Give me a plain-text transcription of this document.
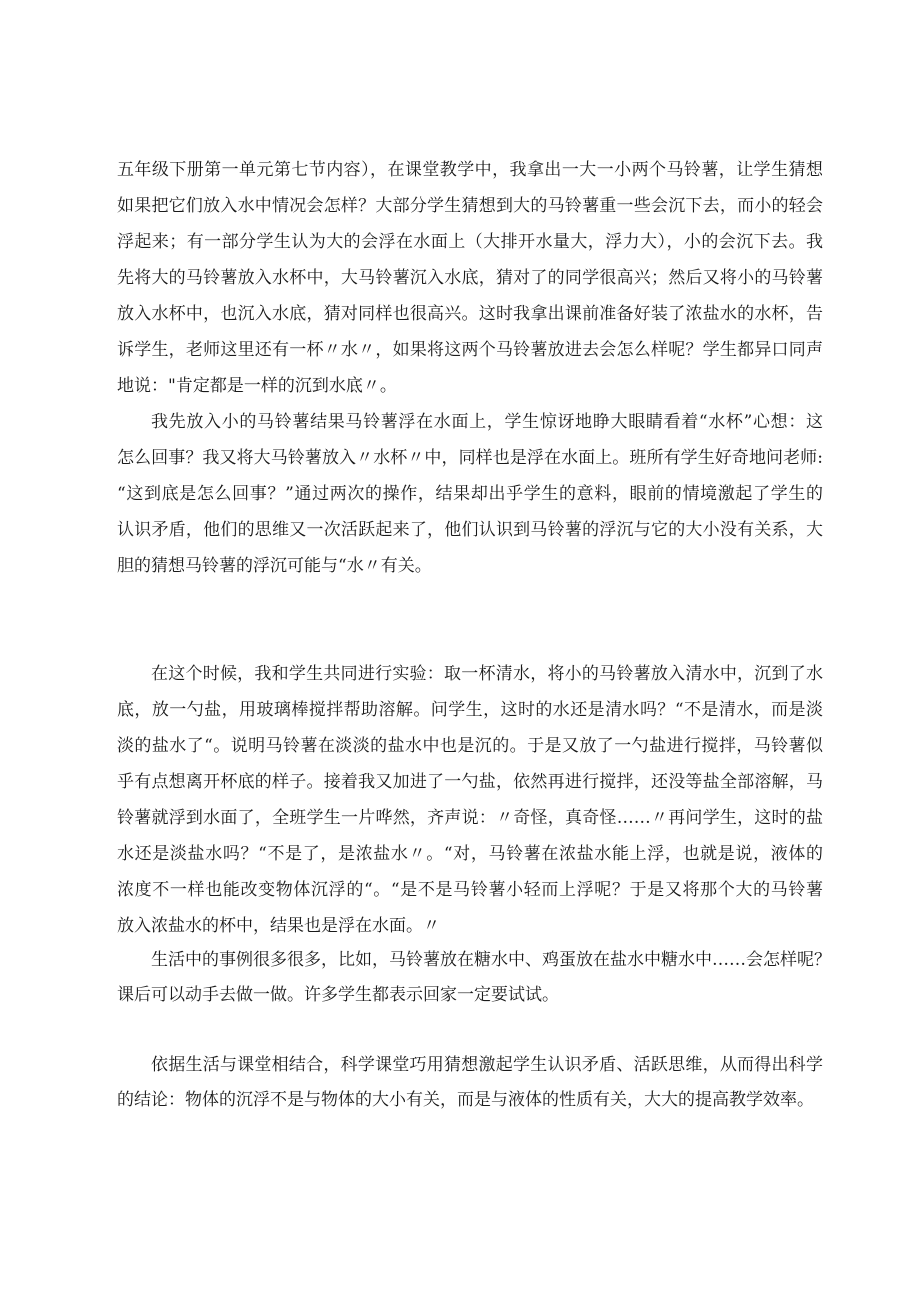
五年级下册第一单元第七节内容），在课堂教学中，我拿出一大一小两个马铃薯，让学生猜想
如果把它们放入水中情况会怎样？大部分学生猜想到大的马铃薯重一些会沉下去，而小的轻会
浮起来；有一部分学生认为大的会浮在水面上（大排开水量大，浮力大），小的会沉下去。我
先将大的马铃薯放入水杯中，大马铃薯沉入水底，猜对了的同学很高兴；然后又将小的马铃薯
放入水杯中，也沉入水底，猜对同样也很高兴。这时我拿出课前准备好装了浓盐水的水杯，告
诉学生，老师这里还有一杯〃水〃，如果将这两个马铃薯放进去会怎么样呢？学生都异口同声
地说："肯定都是一样的沉到水底〃。
我先放入小的马铃薯结果马铃薯浮在水面上，学生惊讶地睁大眼睛看着“水杯”心想：这
怎么回事？我又将大马铃薯放入〃水杯〃中，同样也是浮在水面上。班所有学生好奇地问老师:
“这到底是怎么回事？”通过两次的操作，结果却出乎学生的意料，眼前的情境激起了学生的
认识矛盾，他们的思维又一次活跃起来了，他们认识到马铃薯的浮沉与它的大小没有关系，大
胆的猜想马铃薯的浮沉可能与“水〃有关。
在这个时候，我和学生共同进行实验：取一杯清水，将小的马铃薯放入清水中，沉到了水
底，放一勺盐，用玻璃棒搅拌帮助溶解。问学生，这时的水还是清水吗？“不是清水，而是淡
淡的盐水了“。说明马铃薯在淡淡的盐水中也是沉的。于是又放了一勺盐进行搅拌，马铃薯似
乎有点想离开杯底的样子。接着我又加进了一勺盐，依然再进行搅拌，还没等盐全部溶解，马
铃薯就浮到水面了，全班学生一片哗然，齐声说：〃奇怪，真奇怪……〃再问学生，这时的盐
水还是淡盐水吗？“不是了，是浓盐水〃。“对，马铃薯在浓盐水能上浮，也就是说，液体的
浓度不一样也能改变物体沉浮的“。“是不是马铃薯小轻而上浮呢？于是又将那个大的马铃薯
放入浓盐水的杯中，结果也是浮在水面。〃
生活中的事例很多很多，比如，马铃薯放在糖水中、鸡蛋放在盐水中糖水中……会怎样呢？
课后可以动手去做一做。许多学生都表示回家一定要试试。
依据生活与课堂相结合，科学课堂巧用猜想激起学生认识矛盾、活跃思维，从而得出科学
的结论：物体的沉浮不是与物体的大小有关，而是与液体的性质有关，大大的提高教学效率。
